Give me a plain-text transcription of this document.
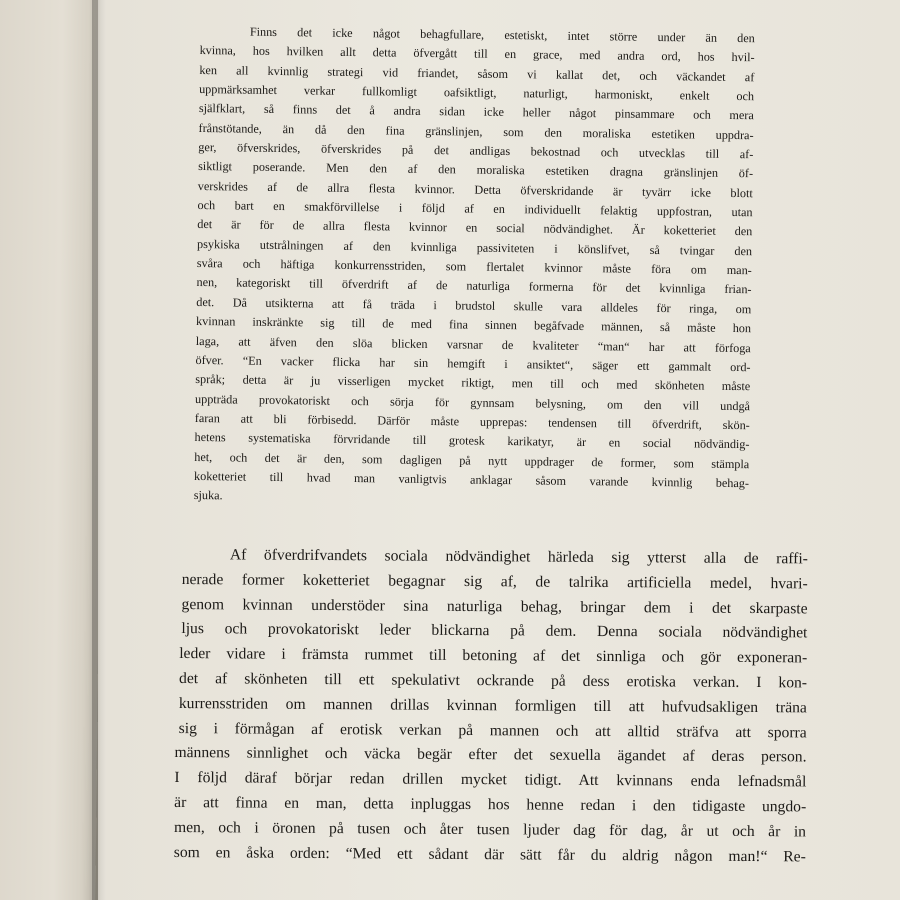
Finns det icke något behagfullare, estetiskt, intet större under än den
kvinna, hos hvilken allt detta öfvergått till en grace, med andra ord, hos hvil-
ken all kvinnlig strategi vid friandet, såsom vi kallat det, och väckandet af
uppmärksamhet verkar fullkomligt oafsiktligt, naturligt, harmoniskt, enkelt och
själfklart, så finns det å andra sidan icke heller något pinsammare och mera
frånstötande, än då den fina gränslinjen, som den moraliska estetiken uppdra-
ger, öfverskrides, öfverskrides på det andligas bekostnad och utvecklas till af-
siktligt poserande. Men den af den moraliska estetiken dragna gränslinjen öf-
verskrides af de allra flesta kvinnor. Detta öfverskridande är tyvärr icke blott
och bart en smakförvillelse i följd af en individuellt felaktig uppfostran, utan
det är för de allra flesta kvinnor en social nödvändighet. Är koketteriet den
psykiska utstrålningen af den kvinnliga passiviteten i könslifvet, så tvingar den
svåra och häftiga konkurrensstriden, som flertalet kvinnor måste föra om man-
nen, kategoriskt till öfverdrift af de naturliga formerna för det kvinnliga frian-
det. Då utsikterna att få träda i brudstol skulle vara alldeles för ringa, om
kvinnan inskränkte sig till de med fina sinnen begåfvade männen, så måste hon
laga, att äfven den slöa blicken varsnar de kvaliteter “man“ har att förfoga
öfver. “En vacker flicka har sin hemgift i ansiktet“, säger ett gammalt ord-
språk; detta är ju visserligen mycket riktigt, men till och med skönheten måste
uppträda provokatoriskt och sörja för gynnsam belysning, om den vill undgå
faran att bli förbisedd. Därför måste upprepas: tendensen till öfverdrift, skön-
hetens systematiska förvridande till grotesk karikatyr, är en social nödvändig-
het, och det är den, som dagligen på nytt uppdrager de former, som stämpla
koketteriet till hvad man vanligtvis anklagar såsom varande kvinnlig behag-
sjuka.
Af öfverdrifvandets sociala nödvändighet härleda sig ytterst alla de raffi-
nerade former koketteriet begagnar sig af, de talrika artificiella medel, hvari-
genom kvinnan understöder sina naturliga behag, bringar dem i det skarpaste
ljus och provokatoriskt leder blickarna på dem. Denna sociala nödvändighet
leder vidare i främsta rummet till betoning af det sinnliga och gör exponeran-
det af skönheten till ett spekulativt ockrande på dess erotiska verkan. I kon-
kurrensstriden om mannen drillas kvinnan formligen till att hufvudsakligen träna
sig i förmågan af erotisk verkan på mannen och att alltid sträfva att sporra
männens sinnlighet och väcka begär efter det sexuella ägandet af deras person.
I följd däraf börjar redan drillen mycket tidigt. Att kvinnans enda lefnadsmål
är att finna en man, detta inpluggas hos henne redan i den tidigaste ungdo-
men, och i öronen på tusen och åter tusen ljuder dag för dag, år ut och år in
som en åska orden: “Med ett sådant där sätt får du aldrig någon man!“ Re-
